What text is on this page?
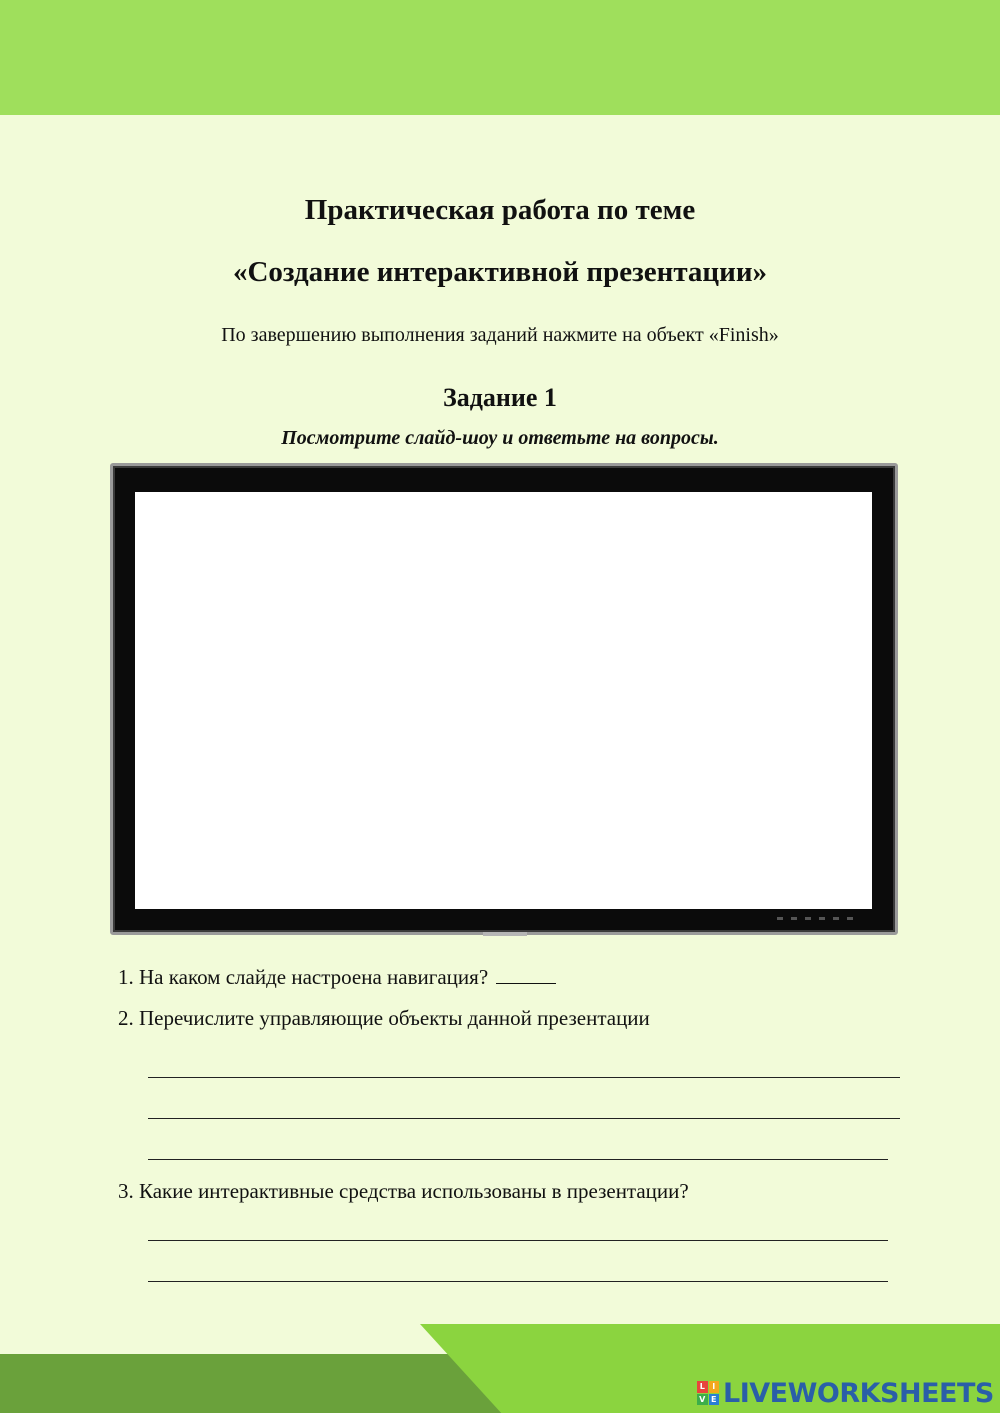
Практическая работа по теме
«Создание интерактивной презентации»

По завершению выполнения заданий нажмите на объект «Finish»

Задание 1

Посмотрите слайд-шоу и ответьте на вопросы.

1. На каком слайде настроена навигация?

2. Перечислите управляющие объекты данной презентации

3. Какие интерактивные средства использованы в презентации?

L I
V E LIVEWORKSHEETS
